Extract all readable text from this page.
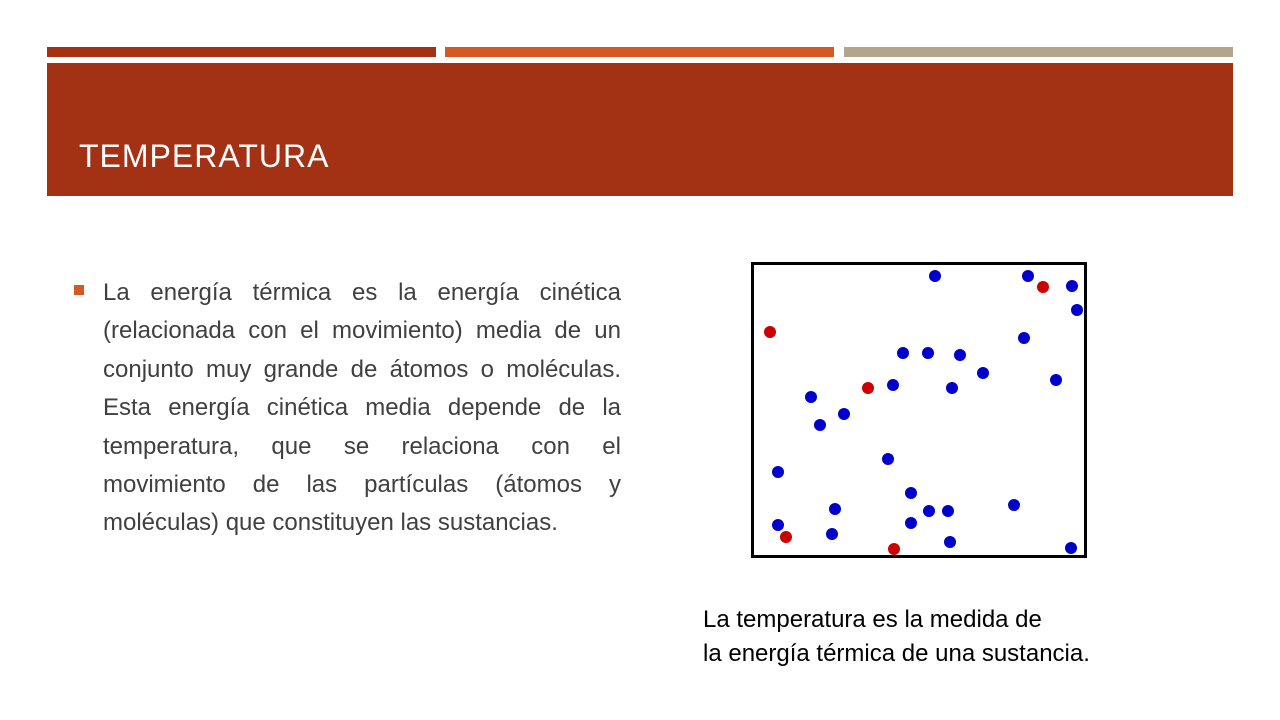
TEMPERATURA

La energía térmica es la energía cinética (relacionada con el movimiento) media de un conjunto muy grande de átomos o moléculas. Esta energía cinética media depende de la temperatura, que se relaciona con el movimiento de las partículas (átomos y moléculas) que constituyen las sustancias.

La temperatura es la medida de
la energía térmica de una sustancia.
